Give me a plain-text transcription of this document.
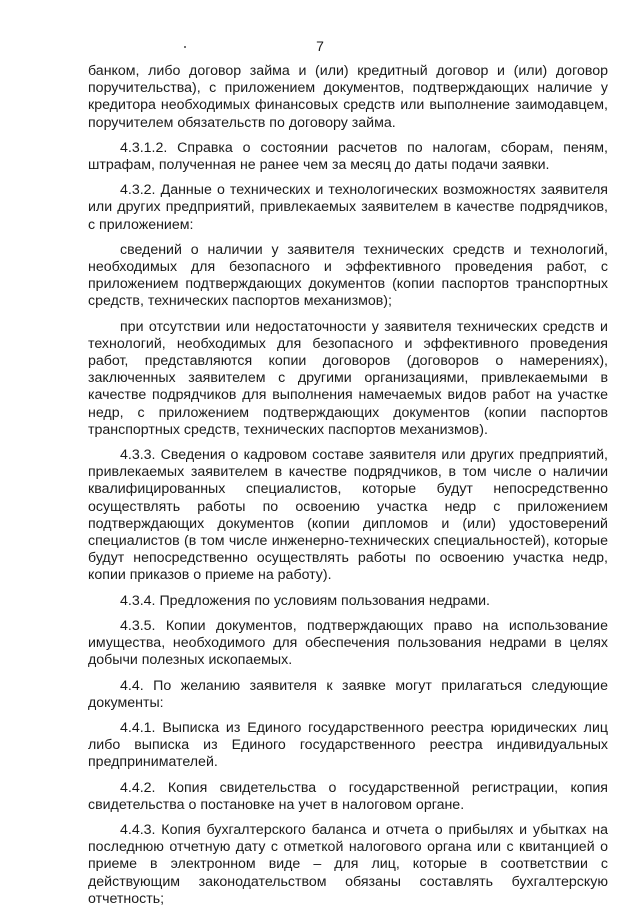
7

банком, либо договор займа и (или) кредитный договор и (или) договор поручительства), с приложением документов, подтверждающих наличие у кредитора необходимых финансовых средств или выполнение заимодавцем, поручителем обязательств по договору займа.

4.3.1.2. Справка о состоянии расчетов по налогам, сборам, пеням, штрафам, полученная не ранее чем за месяц до даты подачи заявки.

4.3.2. Данные о технических и технологических возможностях заявителя или других предприятий, привлекаемых заявителем в качестве подрядчиков, с приложением:

сведений о наличии у заявителя технических средств и технологий, необходимых для безопасного и эффективного проведения работ, с приложением подтверждающих документов (копии паспортов транспортных средств, технических паспортов механизмов);

при отсутствии или недостаточности у заявителя технических средств и технологий, необходимых для безопасного и эффективного проведения работ, представляются копии договоров (договоров о намерениях), заключенных заявителем с другими организациями, привлекаемыми в качестве подрядчиков для выполнения намечаемых видов работ на участке недр, с приложением подтверждающих документов (копии паспортов транспортных средств, технических паспортов механизмов).

4.3.3. Сведения о кадровом составе заявителя или других предприятий, привлекаемых заявителем в качестве подрядчиков, в том числе о наличии квалифицированных специалистов, которые будут непосредственно осуществлять работы по освоению участка недр с приложением подтверждающих документов (копии дипломов и (или) удостоверений специалистов (в том числе инженерно-технических специальностей), которые будут непосредственно осуществлять работы по освоению участка недр, копии приказов о приеме на работу).

4.3.4. Предложения по условиям пользования недрами.

4.3.5. Копии документов, подтверждающих право на использование имущества, необходимого для обеспечения пользования недрами в целях добычи полезных ископаемых.

4.4. По желанию заявителя к заявке могут прилагаться следующие документы:

4.4.1. Выписка из Единого государственного реестра юридических лиц либо выписка из Единого государственного реестра индивидуальных предпринимателей.

4.4.2. Копия свидетельства о государственной регистрации, копия свидетельства о постановке на учет в налоговом органе.

4.4.3. Копия бухгалтерского баланса и отчета о прибылях и убытках на последнюю отчетную дату с отметкой налогового органа или с квитанцией о приеме в электронном виде – для лиц, которые в соответствии с действующим законодательством обязаны составлять бухгалтерскую отчетность;
